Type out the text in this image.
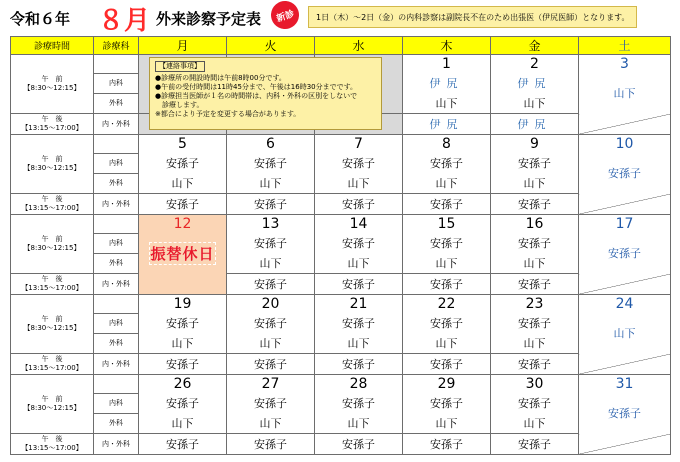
令和６年 ８月 外来診察予定表	新診	1日（木）～2日（金）の内科診察は副院長不在のため出張医（伊尻医師）となります。
診療時間	診療科	月	火	水	木	金	土

午　前
【8:30～12:15】					1	2	3
	内科				伊尻	伊尻	山下
	外科				山下	山下	

午　後
【13:15～17:00】	内・外科				伊尻	伊尻	

午　前
【8:30～12:15】		5	6	7	8	9	10
	内科	安孫子	安孫子	安孫子	安孫子	安孫子	安孫子
	外科	山下	山下	山下	山下	山下	

午　後
【13:15～17:00】	内・外科	安孫子	安孫子	安孫子	安孫子	安孫子	

午　前
【8:30～12:15】		12	13	14	15	16	17
	内科	振替休日	安孫子	安孫子	安孫子	安孫子	安孫子
	外科		山下	山下	山下	山下	

午　後
【13:15～17:00】	内・外科		安孫子	安孫子	安孫子	安孫子	

午　前
【8:30～12:15】		19	20	21	22	23	24
	内科	安孫子	安孫子	安孫子	安孫子	安孫子	山下
	外科	山下	山下	山下	山下	山下	

午　後
【13:15～17:00】	内・外科	安孫子	安孫子	安孫子	安孫子	安孫子	

午　前
【8:30～12:15】		26	27	28	29	30	31
	内科	安孫子	安孫子	安孫子	安孫子	安孫子	安孫子
	外科	山下	山下	山下	山下	山下	

午　後
【13:15～17:00】	内・外科	安孫子	安孫子	安孫子	安孫子	安孫子	
【連絡事項】
●診療所の開設時間は午前8時00分です。
●午前の受付時間は11時45分まで、午後は16時30分までです。
●診療担当医師が１名の時間帯は、内科・外科の区別をしないで
　診療します。
※都合により予定を変更する場合があります。
